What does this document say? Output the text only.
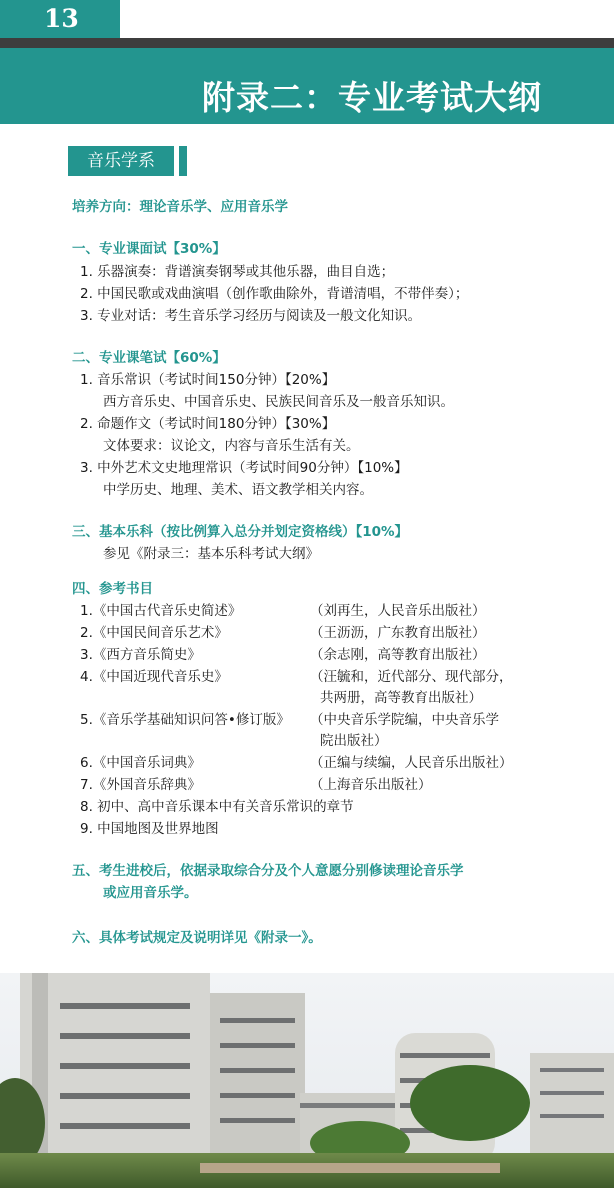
13
附录二：专业考试大纲
音乐学系
培养方向：理论音乐学、应用音乐学
一、专业课面试【30%】
1. 乐器演奏：背谱演奏钢琴或其他乐器，曲目自选；
2. 中国民歌或戏曲演唱（创作歌曲除外，背谱清唱，不带伴奏）；
3. 专业对话：考生音乐学习经历与阅读及一般文化知识。
二、专业课笔试【60%】
1. 音乐常识（考试时间150分钟）【20%】
西方音乐史、中国音乐史、民族民间音乐及一般音乐知识。
2. 命题作文（考试时间180分钟）【30%】
文体要求：议论文，内容与音乐生活有关。
3. 中外艺术文史地理常识（考试时间90分钟）【10%】
中学历史、地理、美术、语文教学相关内容。
三、基本乐科（按比例算入总分并划定资格线）【10%】
参见《附录三：基本乐科考试大纲》
四、参考书目
1.《中国古代音乐史简述》	（刘再生，人民音乐出版社）
2.《中国民间音乐艺术》	（王沥沥，广东教育出版社）
3.《西方音乐简史》	（余志刚，高等教育出版社）
4.《中国近现代音乐史》	（汪毓和，近代部分、现代部分，
共两册，高等教育出版社）
5.《音乐学基础知识问答•修订版》 （中央音乐学院编，中央音乐学
院出版社）
6.《中国音乐词典》	（正编与续编，人民音乐出版社）
7.《外国音乐辞典》	（上海音乐出版社）
8. 初中、高中音乐课本中有关音乐常识的章节
9. 中国地图及世界地图
五、考生进校后，依据录取综合分及个人意愿分别修读理论音乐学
或应用音乐学。
六、具体考试规定及说明详见《附录一》。
